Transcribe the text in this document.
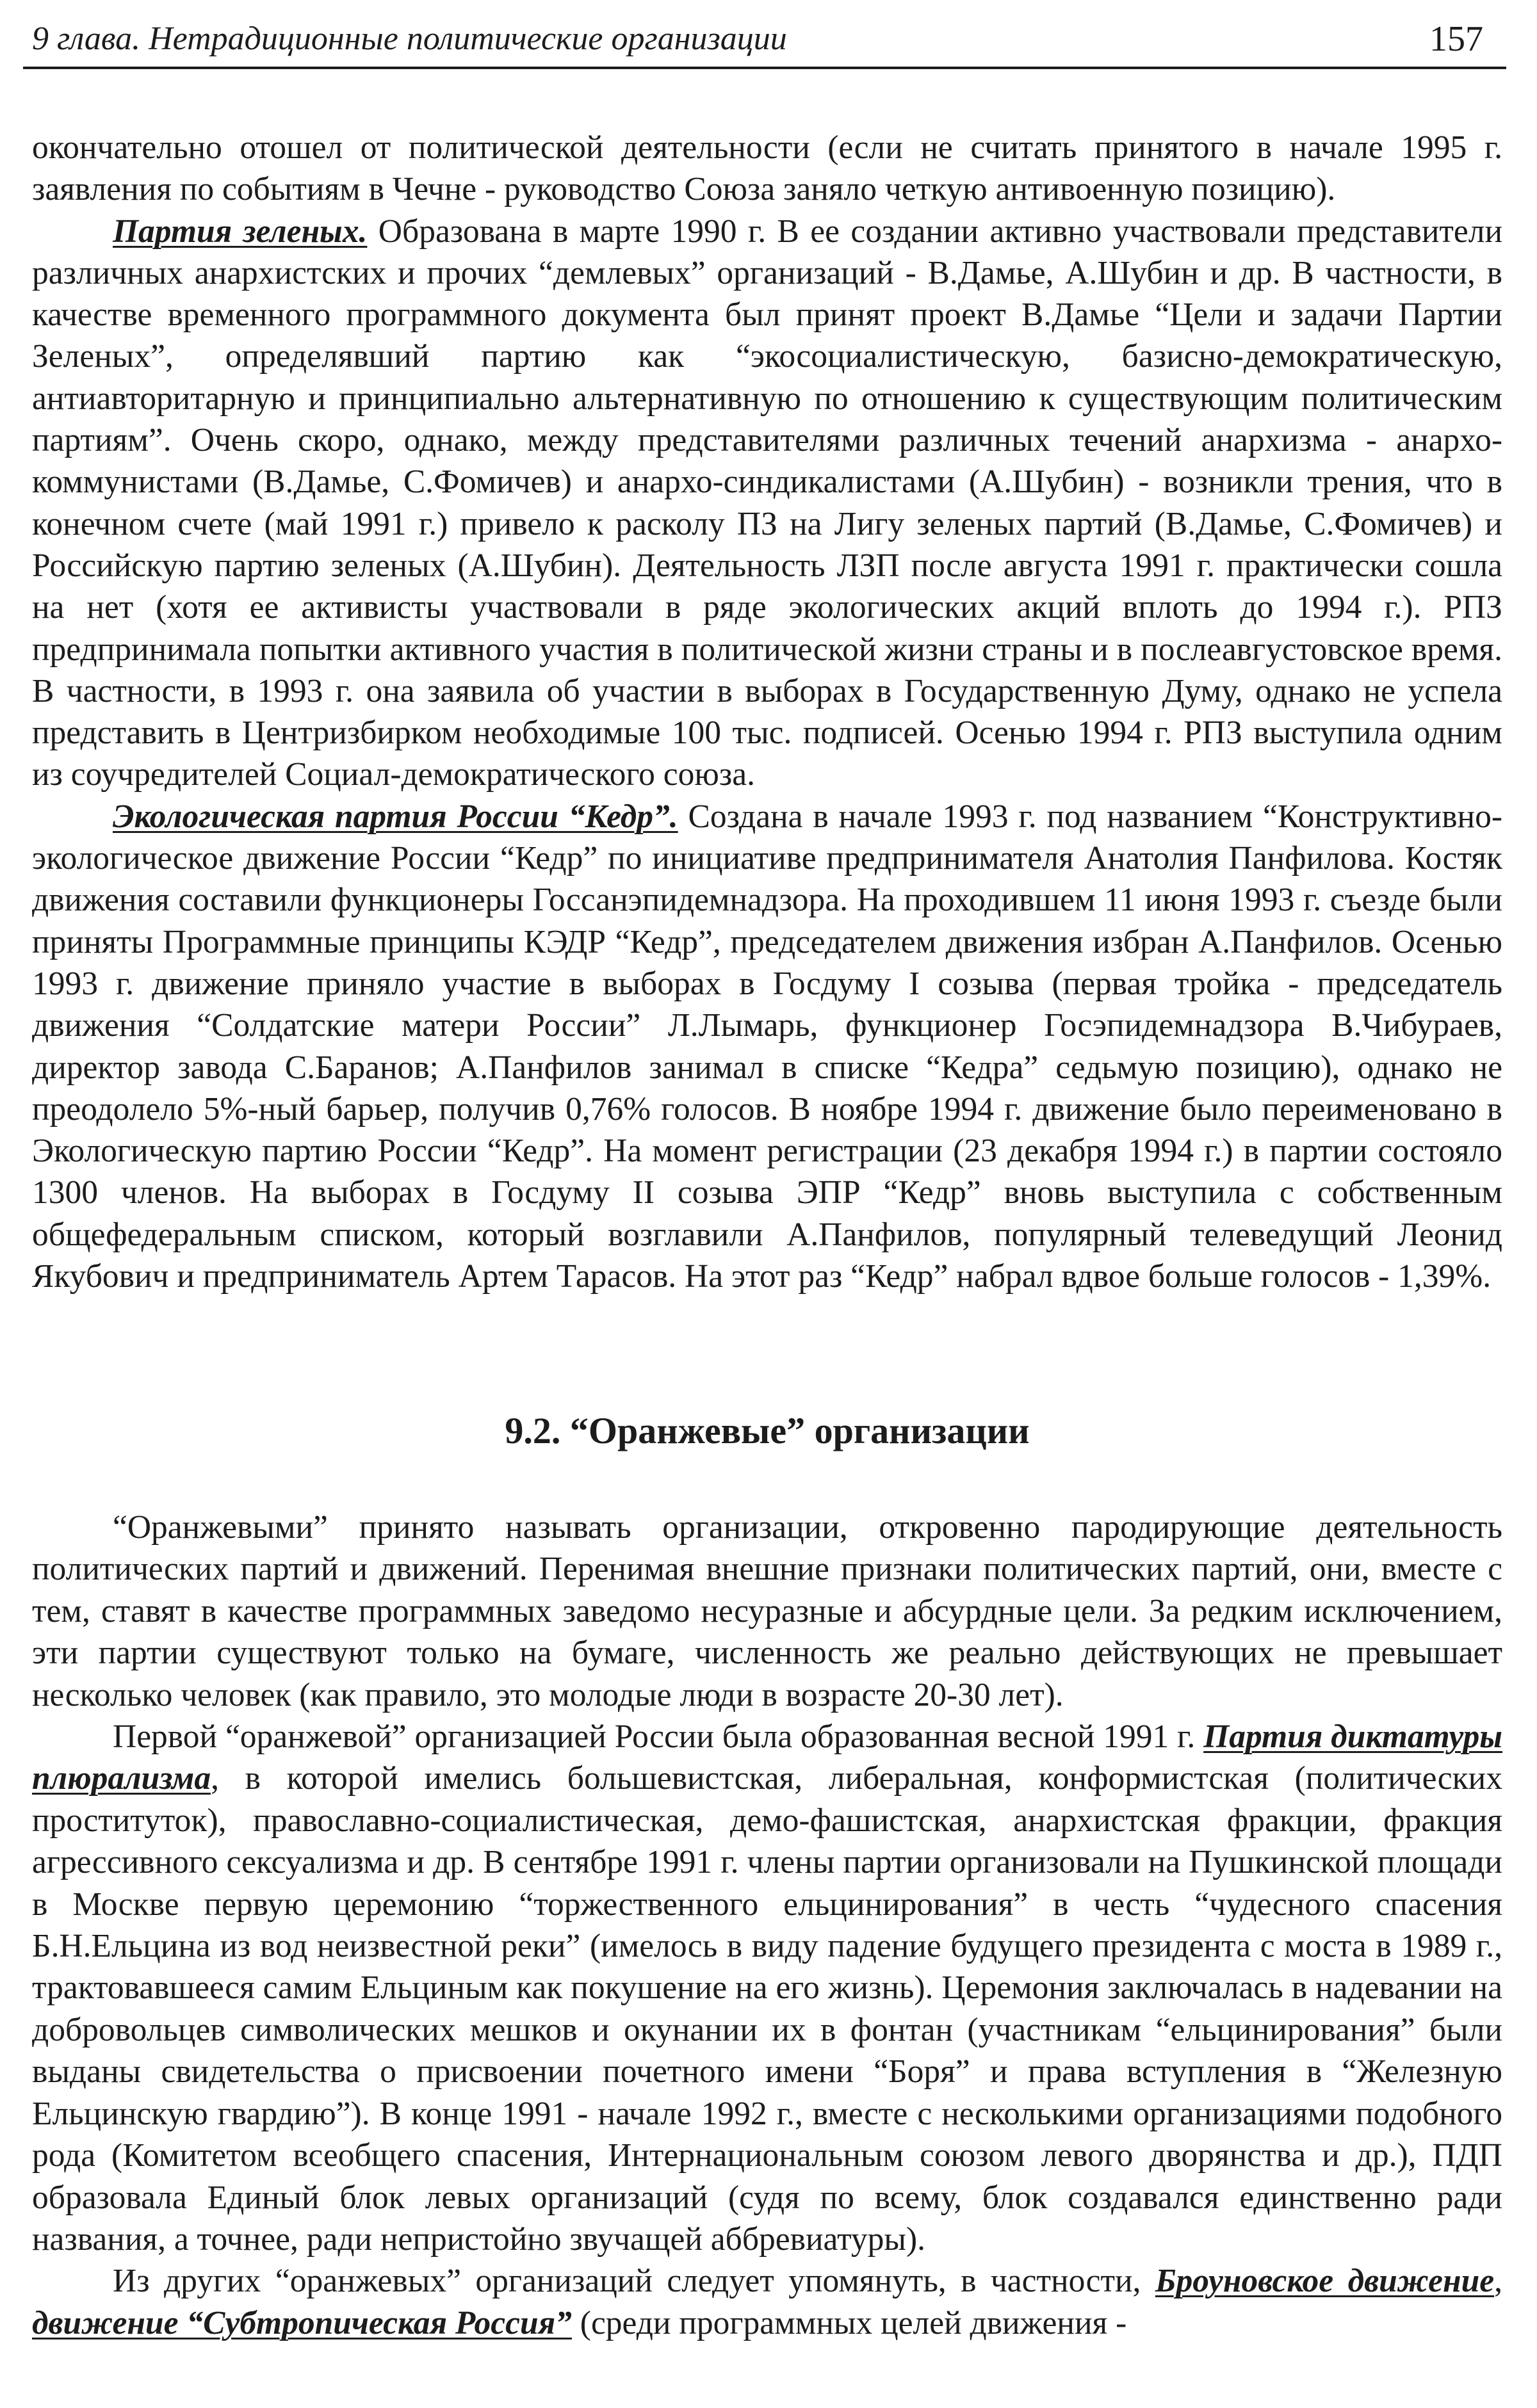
9 глава. Нетрадиционные политические организации	157

окончательно отошел от политической деятельности (если не считать принятого в начале 1995 г. заявления по событиям в Чечне - руководство Союза заняло четкую антивоенную позицию).

Партия зеленых. Образована в марте 1990 г. В ее создании активно участвовали представители различных анархистских и прочих “демлевых” организаций - В.Дамье, А.Шубин и др. В частности, в качестве временного программного документа был принят проект В.Дамье “Цели и задачи Партии Зеленых”, определявший партию как “экосоциалистическую, базисно-демократическую, антиавторитарную и принципиально альтернативную по отношению к существующим политическим партиям”. Очень скоро, однако, между представителями различных течений анархизма - анархо-коммунистами (В.Дамье, С.Фомичев) и анархо-синдикалистами (А.Шубин) - возникли трения, что в конечном счете (май 1991 г.) привело к расколу ПЗ на Лигу зеленых партий (В.Дамье, С.Фомичев) и Российскую партию зеленых (А.Шубин). Деятельность ЛЗП после августа 1991 г. практически сошла на нет (хотя ее активисты участвовали в ряде экологических акций вплоть до 1994 г.). РПЗ предпринимала попытки активного участия в политической жизни страны и в послеавгустовское время. В частности, в 1993 г. она заявила об участии в выборах в Государственную Думу, однако не успела представить в Центризбирком необходимые 100 тыс. подписей. Осенью 1994 г. РПЗ выступила одним из соучредителей Социал-демократического союза.

Экологическая партия России “Кедр”. Создана в начале 1993 г. под названием “Конструктивно-экологическое движение России “Кедр” по инициативе предпринимателя Анатолия Панфилова. Костяк движения составили функционеры Госсанэпидемнадзора. На проходившем 11 июня 1993 г. съезде были приняты Программные принципы КЭДР “Кедр”, председателем движения избран А.Панфилов. Осенью 1993 г. движение приняло участие в выборах в Госдуму I созыва (первая тройка - председатель движения “Солдатские матери России” Л.Лымарь, функционер Госэпидемнадзора В.Чибураев, директор завода С.Баранов; А.Панфилов занимал в списке “Кедра” седьмую позицию), однако не преодолело 5%-ный барьер, получив 0,76% голосов. В ноябре 1994 г. движение было переименовано в Экологическую партию России “Кедр”. На момент регистрации (23 декабря 1994 г.) в партии состояло 1300 членов. На выборах в Госдуму II созыва ЭПР “Кедр” вновь выступила с собственным общефедеральным списком, который возглавили А.Панфилов, популярный телеведущий Леонид Якубович и предприниматель Артем Тарасов. На этот раз “Кедр” набрал вдвое больше голосов - 1,39%.

9.2. “Оранжевые” организации

“Оранжевыми” принято называть организации, откровенно пародирующие деятельность политических партий и движений. Перенимая внешние признаки политических партий, они, вместе с тем, ставят в качестве программных заведомо несуразные и абсурдные цели. За редким исключением, эти партии существуют только на бумаге, численность же реально действующих не превышает несколько человек (как правило, это молодые люди в возрасте 20-30 лет).

Первой “оранжевой” организацией России была образованная весной 1991 г. Партия диктатуры плюрализма, в которой имелись большевистская, либеральная, конформистская (политических проституток), православно-социалистическая, демо-фашистская, анархистская фракции, фракция агрессивного сексуализма и др. В сентябре 1991 г. члены партии организовали на Пушкинской площади в Москве первую церемонию “торжественного ельцинирования” в честь “чудесного спасения Б.Н.Ельцина из вод неизвестной реки” (имелось в виду падение будущего президента с моста в 1989 г., трактовавшееся самим Ельциным как покушение на его жизнь). Церемония заключалась в надевании на добровольцев символических мешков и окунании их в фонтан (участникам “ельцинирования” были выданы свидетельства о присвоении почетного имени “Боря” и права вступления в “Железную Ельцинскую гвардию”). В конце 1991 - начале 1992 г., вместе с несколькими организациями подобного рода (Комитетом всеобщего спасения, Интернациональным союзом левого дворянства и др.), ПДП образовала Единый блок левых организаций (судя по всему, блок создавался единственно ради названия, а точнее, ради непристойно звучащей аббревиатуры).

Из других “оранжевых” организаций следует упомянуть, в частности, Броуновское движение, движение “Субтропическая Россия” (среди программных целей движения -
